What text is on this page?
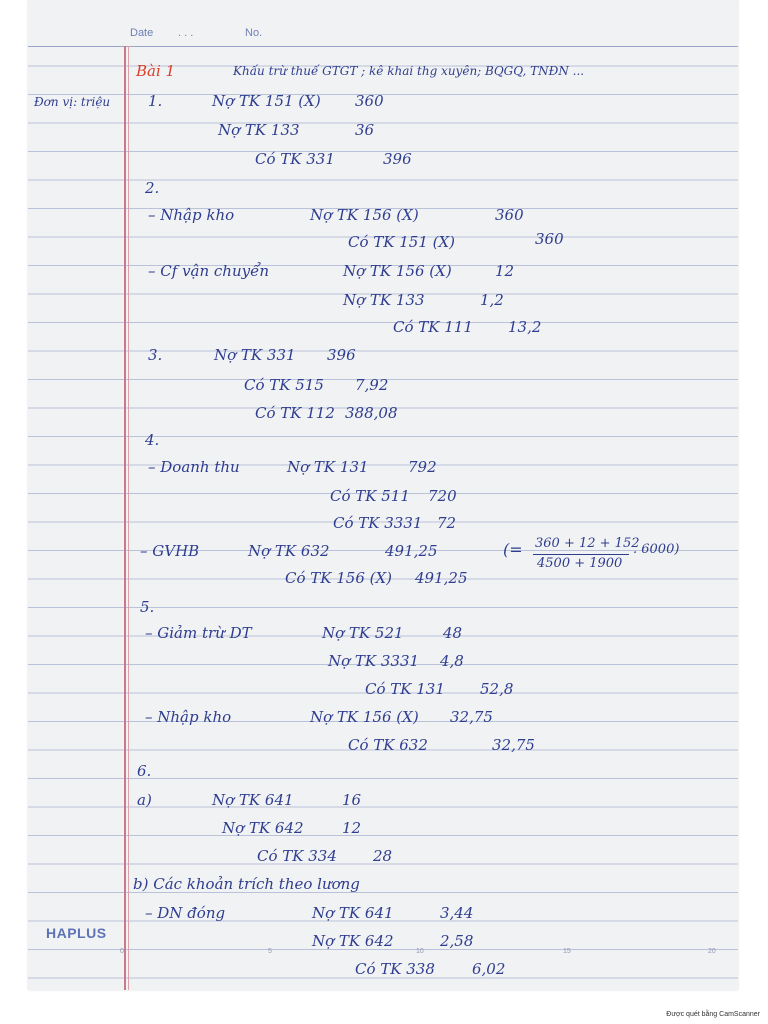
Date . . .	No.
Đơn vị: triệu
Bài 1	Khấu trừ thuế GTGT ; kê khai thg xuyên; BQGQ, TNĐN ...
1.	Nợ TK 151 (X) 360
Nợ TK 133	36
Có TK 331	396
2.
– Nhập kho	Nợ TK 156 (X)	360
Có TK 151 (X)	360
– Cf vận chuyển	Nợ TK 156 (X)	12
Nợ TK 133	1,2
Có TK 111 13,2
3.	Nợ TK 331 396
Có TK 515 7,92
Có TK 112 388,08
4.
– Doanh thu	Nợ TK 131	792
Có TK 511 720
Có TK 3331 72
– GVHB	Nợ TK 632	491,25
Có TK 156 (X) 491,25
5.
– Giảm trừ DT	Nợ TK 521	48
Nợ TK 3331 4,8
Có TK 131 52,8
– Nhập kho	Nợ TK 156 (X) 32,75
Có TK 632	32,75
6.
a)	Nợ TK 641	16
Nợ TK 642	12
Có TK 334 28
b) Các khoản trích theo lương
– DN đóng	Nợ TK 641	3,44
Nợ TK 642	2,58
Có TK 338 6,02
(= 360 + 12 + 152
4500 + 1900
. 6000)
HAPLUS
0	5	10	15	20
Được quét bằng CamScanner
